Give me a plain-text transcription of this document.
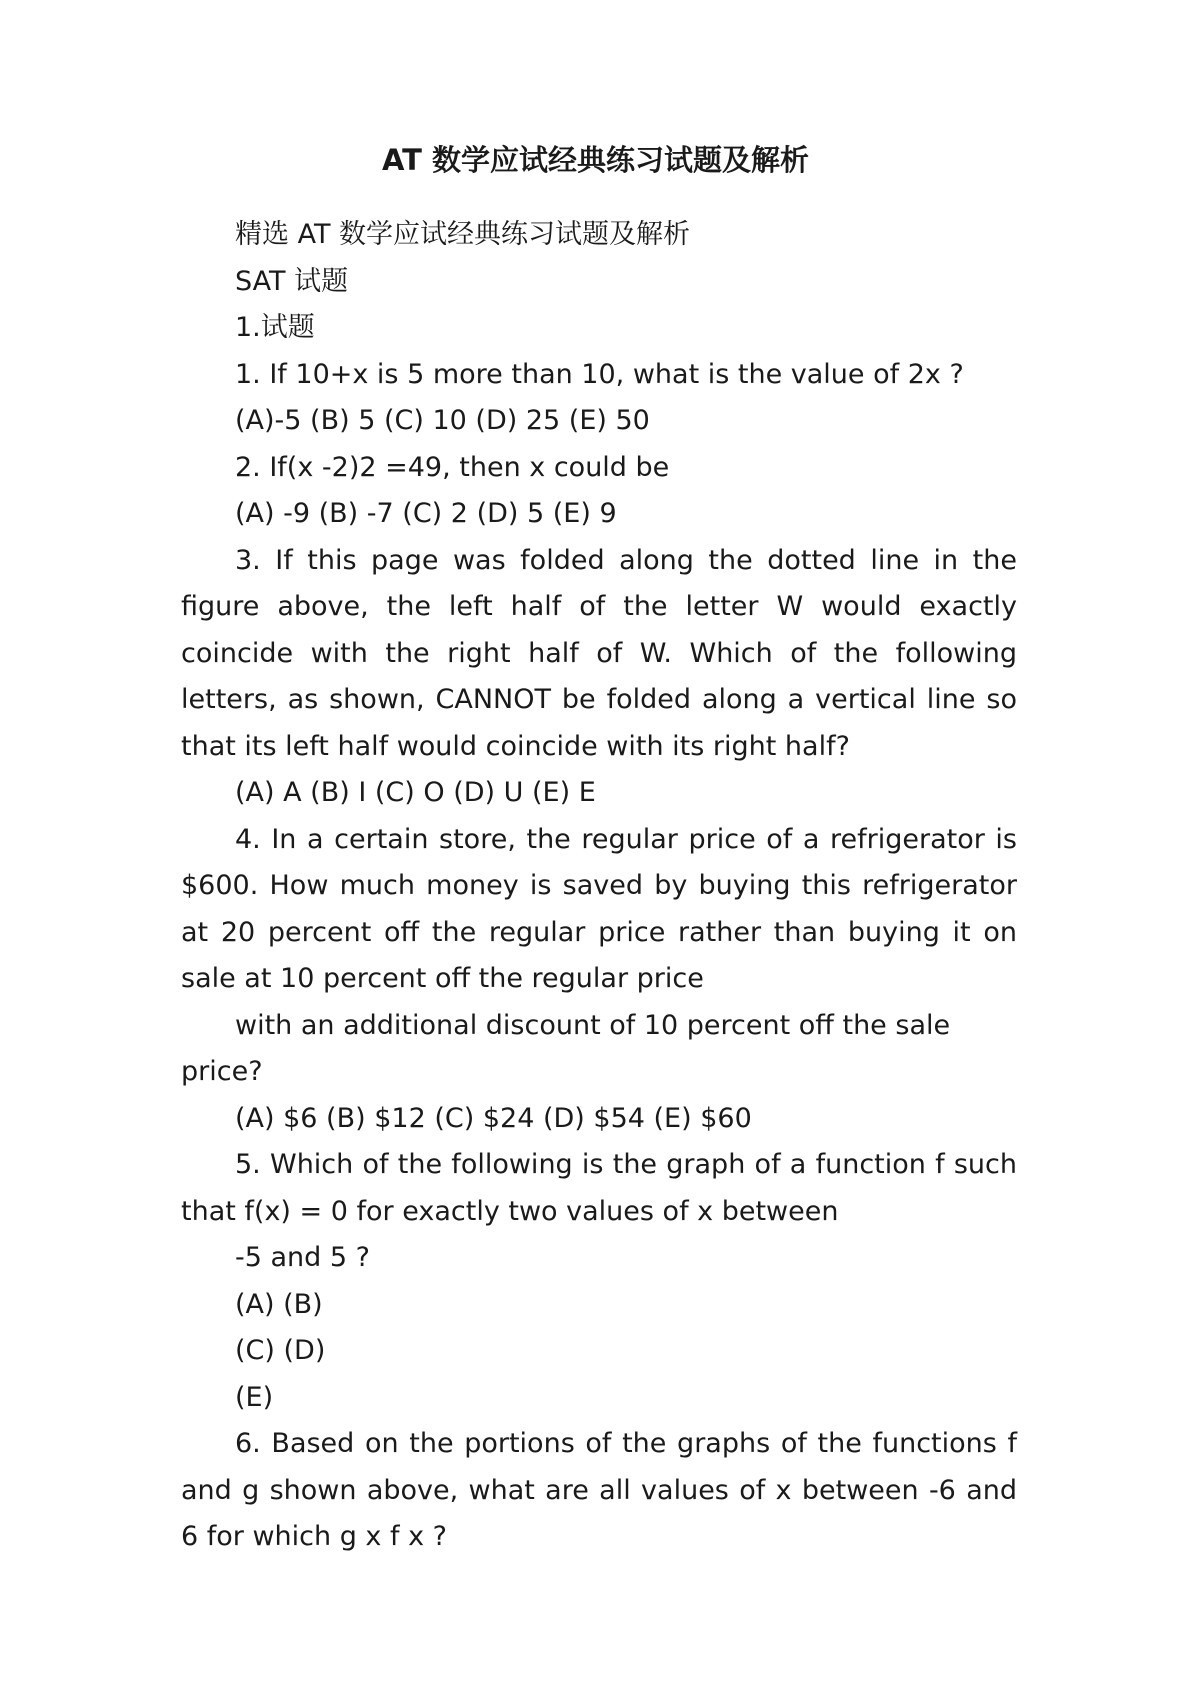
AT 数学应试经典练习试题及解析

精选 AT 数学应试经典练习试题及解析

SAT 试题

1.试题

1. If 10+x is 5 more than 10, what is the value of 2x ?

(A)-5 (B) 5 (C) 10 (D) 25 (E) 50

2. If(x -2)2 =49, then x could be

(A) -9 (B) -7 (C) 2 (D) 5 (E) 9

3. If this page was folded along the dotted line in the figure above, the left half of the letter W would exactly coincide with the right half of W. Which of the following letters, as shown, CANNOT be folded along a vertical line so that its left half would coincide with its right half?

(A) A (B) I (C) O (D) U (E) E

4. In a certain store, the regular price of a refrigerator is $600. How much money is saved by buying this refrigerator at 20 percent off the regular price rather than buying it on sale at 10 percent off the regular price

with an additional discount of 10 percent off the sale price?

(A) $6 (B) $12 (C) $24 (D) $54 (E) $60

5. Which of the following is the graph of a function f such that f(x) = 0 for exactly two values of x between

-5 and 5 ?

(A) (B)

(C) (D)

(E)

6. Based on the portions of the graphs of the functions f and g shown above, what are all values of x between -6 and 6 for which g x f x ?
